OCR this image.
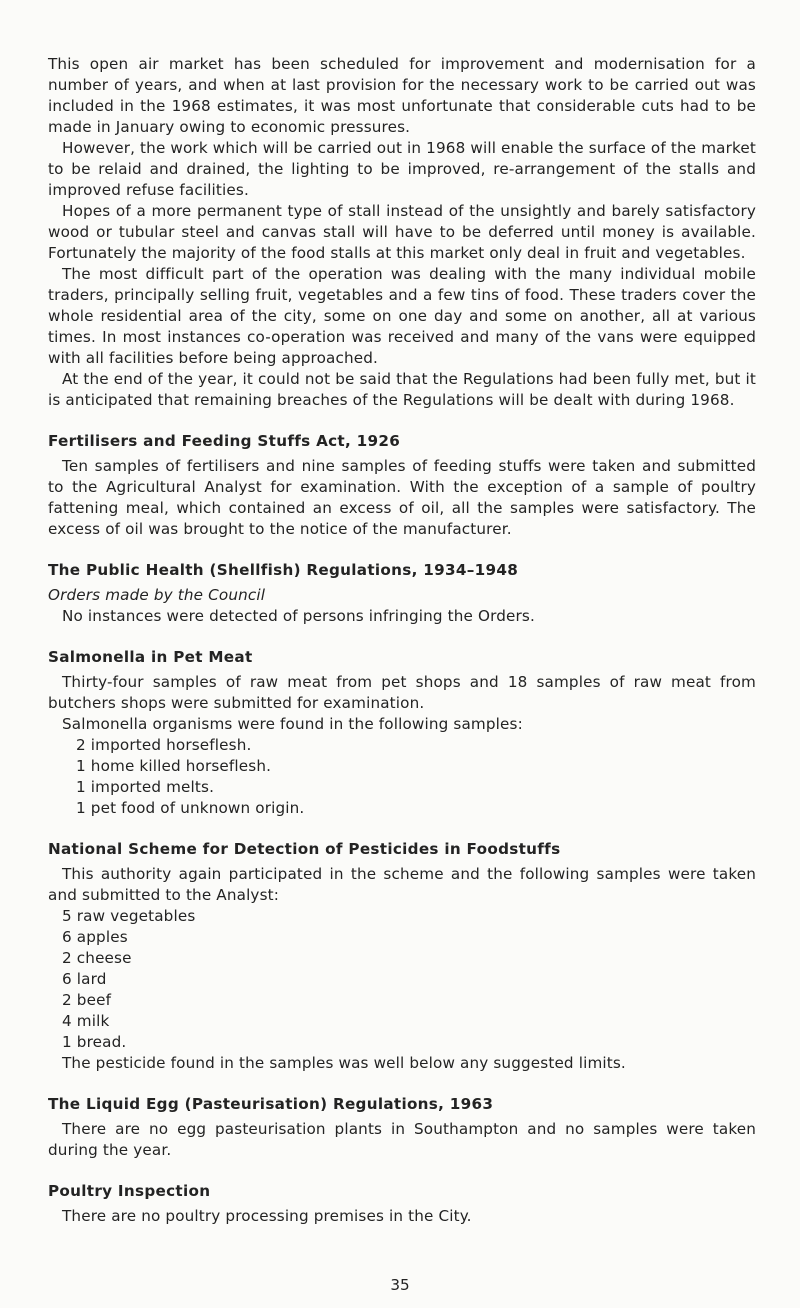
This open air market has been scheduled for improvement and modernisation for a number of years, and when at last provision for the necessary work to be carried out was included in the 1968 estimates, it was most unfortunate that considerable cuts had to be made in January owing to economic pressures.

However, the work which will be carried out in 1968 will enable the surface of the market to be relaid and drained, the lighting to be improved, re-arrangement of the stalls and improved refuse facilities.

Hopes of a more permanent type of stall instead of the unsightly and barely satisfactory wood or tubular steel and canvas stall will have to be deferred until money is available. Fortunately the majority of the food stalls at this market only deal in fruit and vegetables.

The most difficult part of the operation was dealing with the many individual mobile traders, principally selling fruit, vegetables and a few tins of food. These traders cover the whole residential area of the city, some on one day and some on another, all at various times. In most instances co-operation was received and many of the vans were equipped with all facilities before being approached.

At the end of the year, it could not be said that the Regulations had been fully met, but it is anticipated that remaining breaches of the Regulations will be dealt with during 1968.

Fertilisers and Feeding Stuffs Act, 1926

Ten samples of fertilisers and nine samples of feeding stuffs were taken and submitted to the Agricultural Analyst for examination. With the exception of a sample of poultry fattening meal, which contained an excess of oil, all the samples were satisfactory. The excess of oil was brought to the notice of the manufacturer.

The Public Health (Shellfish) Regulations, 1934–1948

Orders made by the Council

No instances were detected of persons infringing the Orders.

Salmonella in Pet Meat

Thirty-four samples of raw meat from pet shops and 18 samples of raw meat from butchers shops were submitted for examination.

Salmonella organisms were found in the following samples:

2 imported horseflesh.
1 home killed horseflesh.
1 imported melts.
1 pet food of unknown origin.
National Scheme for Detection of Pesticides in Foodstuffs

This authority again participated in the scheme and the following samples were taken and submitted to the Analyst:

5 raw vegetables
6 apples
2 cheese
6 lard
2 beef
4 milk
1 bread.

The pesticide found in the samples was well below any suggested limits.

The Liquid Egg (Pasteurisation) Regulations, 1963

There are no egg pasteurisation plants in Southampton and no samples were taken during the year.

Poultry Inspection

There are no poultry processing premises in the City.

35
